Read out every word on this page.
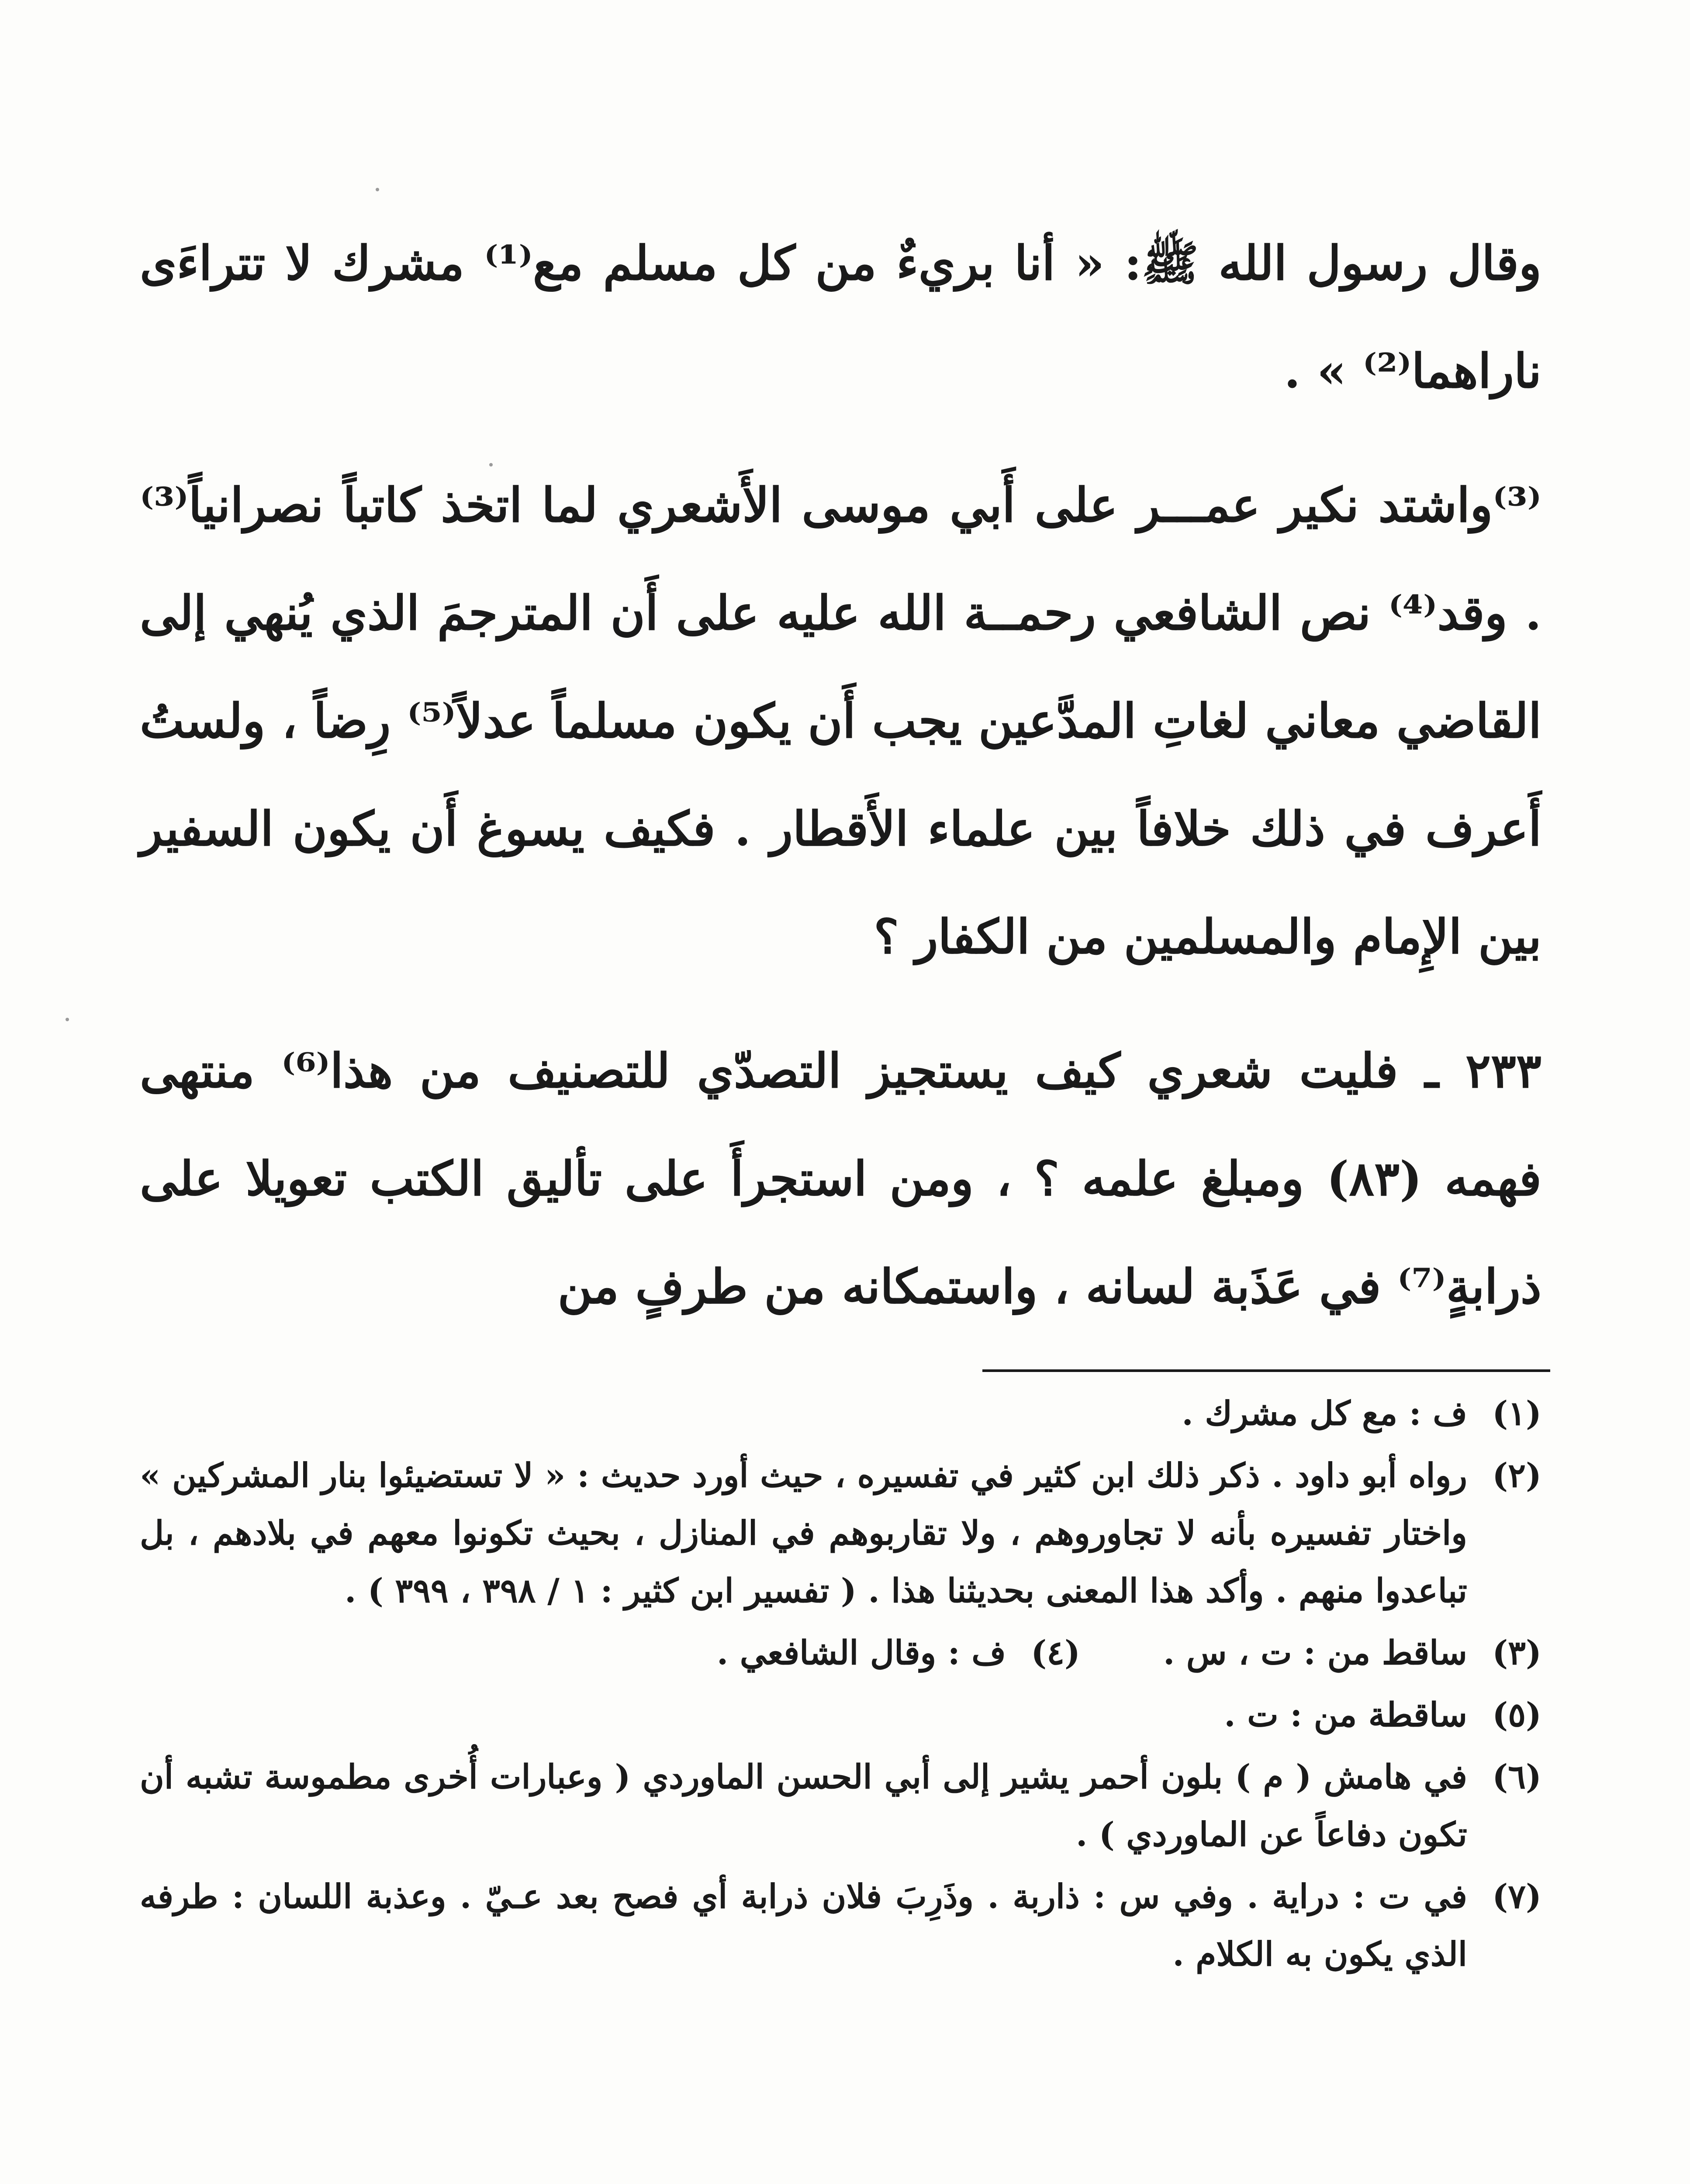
وقال رسول الله ﷺ: « أنا بريءٌ من كل مسلم مع⁽¹⁾ مشرك لا تتراءَى ناراهما⁽²⁾ » .

⁽³⁾واشتد نكير عمـــر على أَبي موسى الأَشعري لما اتخذ كاتباً نصرانياً⁽³⁾ . وقد⁽⁴⁾ نص الشافعي رحمــة الله عليه على أَن المترجمَ الذي يُنهي إلى القاضي معاني لغاتِ المدَّعين يجب أَن يكون مسلماً عدلاً⁽⁵⁾ رِضاً ، ولستُ أَعرف في ذلك خلافاً بين علماء الأَقطار . فكيف يسوغ أَن يكون السفير بين الإِمام والمسلمين من الكفار ؟

٢٣٣ ـ فليت شعري كيف يستجيز التصدّي للتصنيف من هذا⁽⁶⁾ منتهى فهمه (٨٣) ومبلغ علمه ؟ ، ومن استجرأَ على تأليق الكتب تعويلا على ذرابةٍ⁽⁷⁾ في عَذَبة لسانه ، واستمكانه من طرفٍ من

(١)
ف : مع كل مشرك .

(٢)
رواه أبو داود . ذكر ذلك ابن كثير في تفسيره ، حيث أورد حديث : « لا تستضيئوا بنار المشركين » واختار تفسيره بأنه لا تجاوروهم ، ولا تقاربوهم في المنازل ، بحيث تكونوا معهم في بلادهم ، بل تباعدوا منهم . وأكد هذا المعنى بحديثنا هذا . ( تفسير ابن كثير : ١ / ٣٩٨ ، ٣٩٩ ) .

(٣)
ساقط من : ت ، س .

(٤)
ف : وقال الشافعي .

(٥)
ساقطة من : ت .

(٦)
في هامش ( م ) بلون أحمر يشير إلى أبي الحسن الماوردي ( وعبارات أُخرى مطموسة تشبه أن تكون دفاعاً عن الماوردي ) .

(٧)
في ت : دراية . وفي س : ذاربة . وذَرِبَ فلان ذرابة أي فصح بعد عـيّ . وعذبة اللسان : طرفه الذي يكون به الكلام .
